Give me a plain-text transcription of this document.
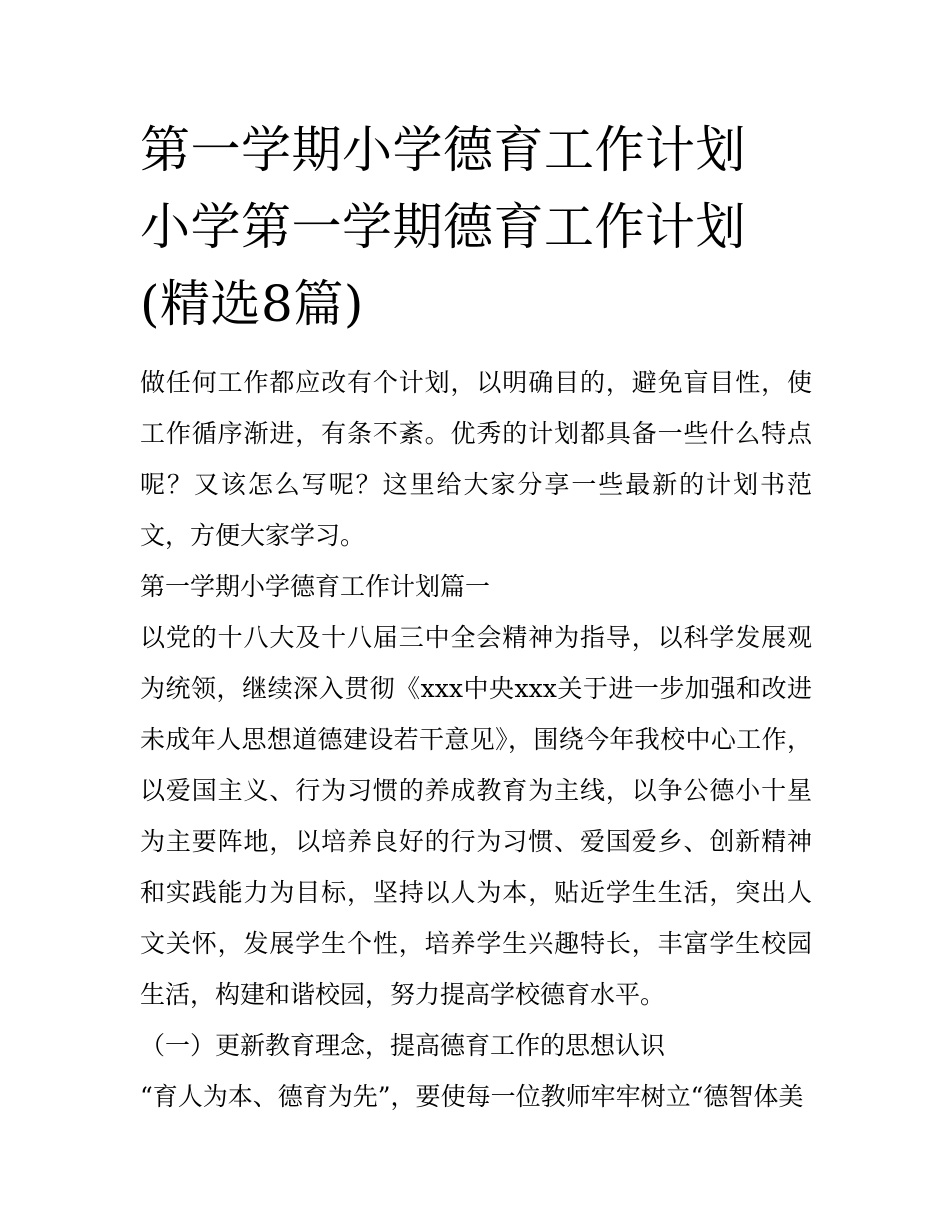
第一学期小学德育工作计划 小学第一学期德育工作计划(精选8篇)

做任何工作都应改有个计划，以明确目的，避免盲目性，使工作循序渐进，有条不紊。优秀的计划都具备一些什么特点呢？又该怎么写呢？这里给大家分享一些最新的计划书范文，方便大家学习。

第一学期小学德育工作计划篇一

以党的十八大及十八届三中全会精神为指导，以科学发展观为统领，继续深入贯彻《xxx中央xxx关于进一步加强和改进未成年人思想道德建设若干意见》，围绕今年我校中心工作，以爱国主义、行为习惯的养成教育为主线，以争公德小十星为主要阵地，以培养良好的行为习惯、爱国爱乡、创新精神和实践能力为目标，坚持以人为本，贴近学生生活，突出人文关怀，发展学生个性，培养学生兴趣特长，丰富学生校园生活，构建和谐校园，努力提高学校德育水平。

（一）更新教育理念，提高德育工作的思想认识

“育人为本、德育为先”，要使每一位教师牢牢树立“德智体美
